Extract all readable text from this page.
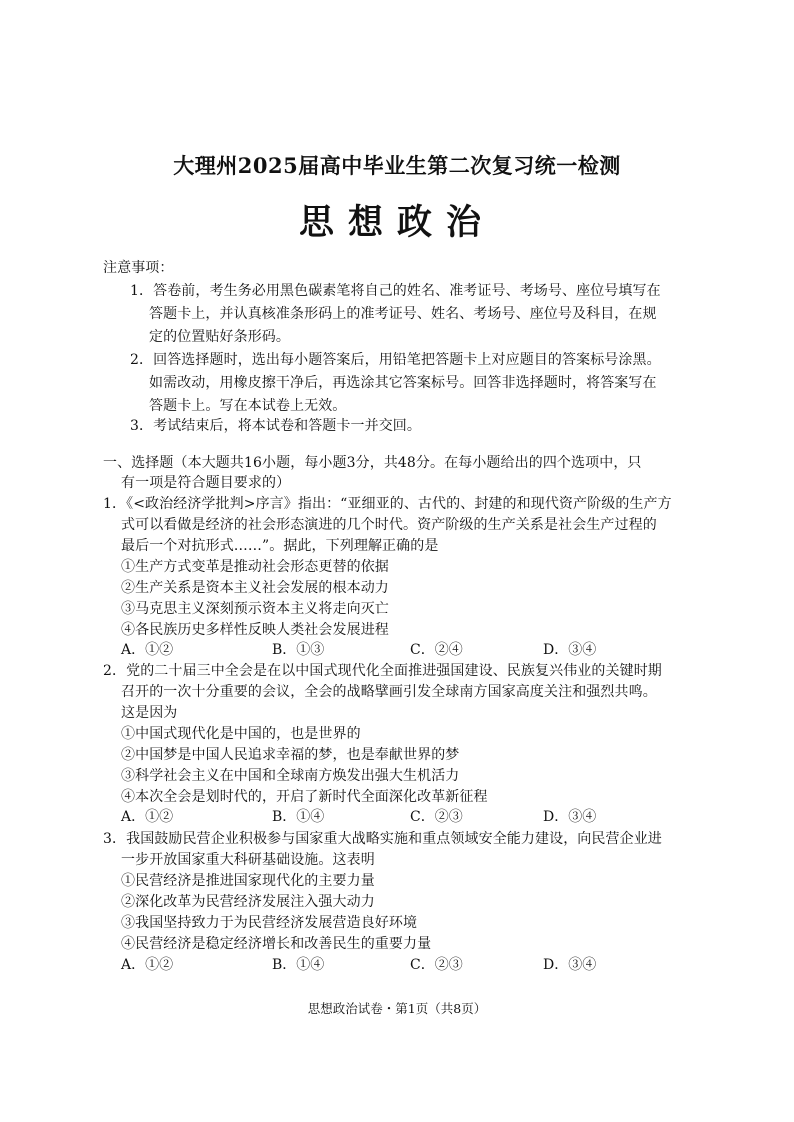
大理州2025届高中毕业生第二次复习统一检测
思想政治
注意事项：
1．答卷前，考生务必用黑色碳素笔将自己的姓名、准考证号、考场号、座位号填写在
答题卡上，并认真核准条形码上的准考证号、姓名、考场号、座位号及科目，在规
定的位置贴好条形码。
2．回答选择题时，选出每小题答案后，用铅笔把答题卡上对应题目的答案标号涂黑。
如需改动，用橡皮擦干净后，再选涂其它答案标号。回答非选择题时，将答案写在
答题卡上。写在本试卷上无效。
3．考试结束后，将本试卷和答题卡一并交回。
一、选择题（本大题共16小题，每小题3分，共48分。在每小题给出的四个选项中，只
有一项是符合题目要求的）
1．《<政治经济学批判>序言》指出：“亚细亚的、古代的、封建的和现代资产阶级的生产方
式可以看做是经济的社会形态演进的几个时代。资产阶级的生产关系是社会生产过程的
最后一个对抗形式……”。据此，下列理解正确的是
①生产方式变革是推动社会形态更替的依据
②生产关系是资本主义社会发展的根本动力
③马克思主义深刻预示资本主义将走向灭亡
④各民族历史多样性反映人类社会发展进程
A．①②	B．①③	C．②④	D．③④
2．党的二十届三中全会是在以中国式现代化全面推进强国建设、民族复兴伟业的关键时期
召开的一次十分重要的会议，全会的战略擘画引发全球南方国家高度关注和强烈共鸣。
这是因为
①中国式现代化是中国的，也是世界的
②中国梦是中国人民追求幸福的梦，也是奉献世界的梦
③科学社会主义在中国和全球南方焕发出强大生机活力
④本次全会是划时代的，开启了新时代全面深化改革新征程
A．①②	B．①④	C．②③	D．③④
3．我国鼓励民营企业积极参与国家重大战略实施和重点领域安全能力建设，向民营企业进
一步开放国家重大科研基础设施。这表明
①民营经济是推进国家现代化的主要力量
②深化改革为民营经济发展注入强大动力
③我国坚持致力于为民营经济发展营造良好环境
④民营经济是稳定经济增长和改善民生的重要力量
A．①②	B．①④	C．②③	D．③④
思想政治试卷・第1页（共8页）
